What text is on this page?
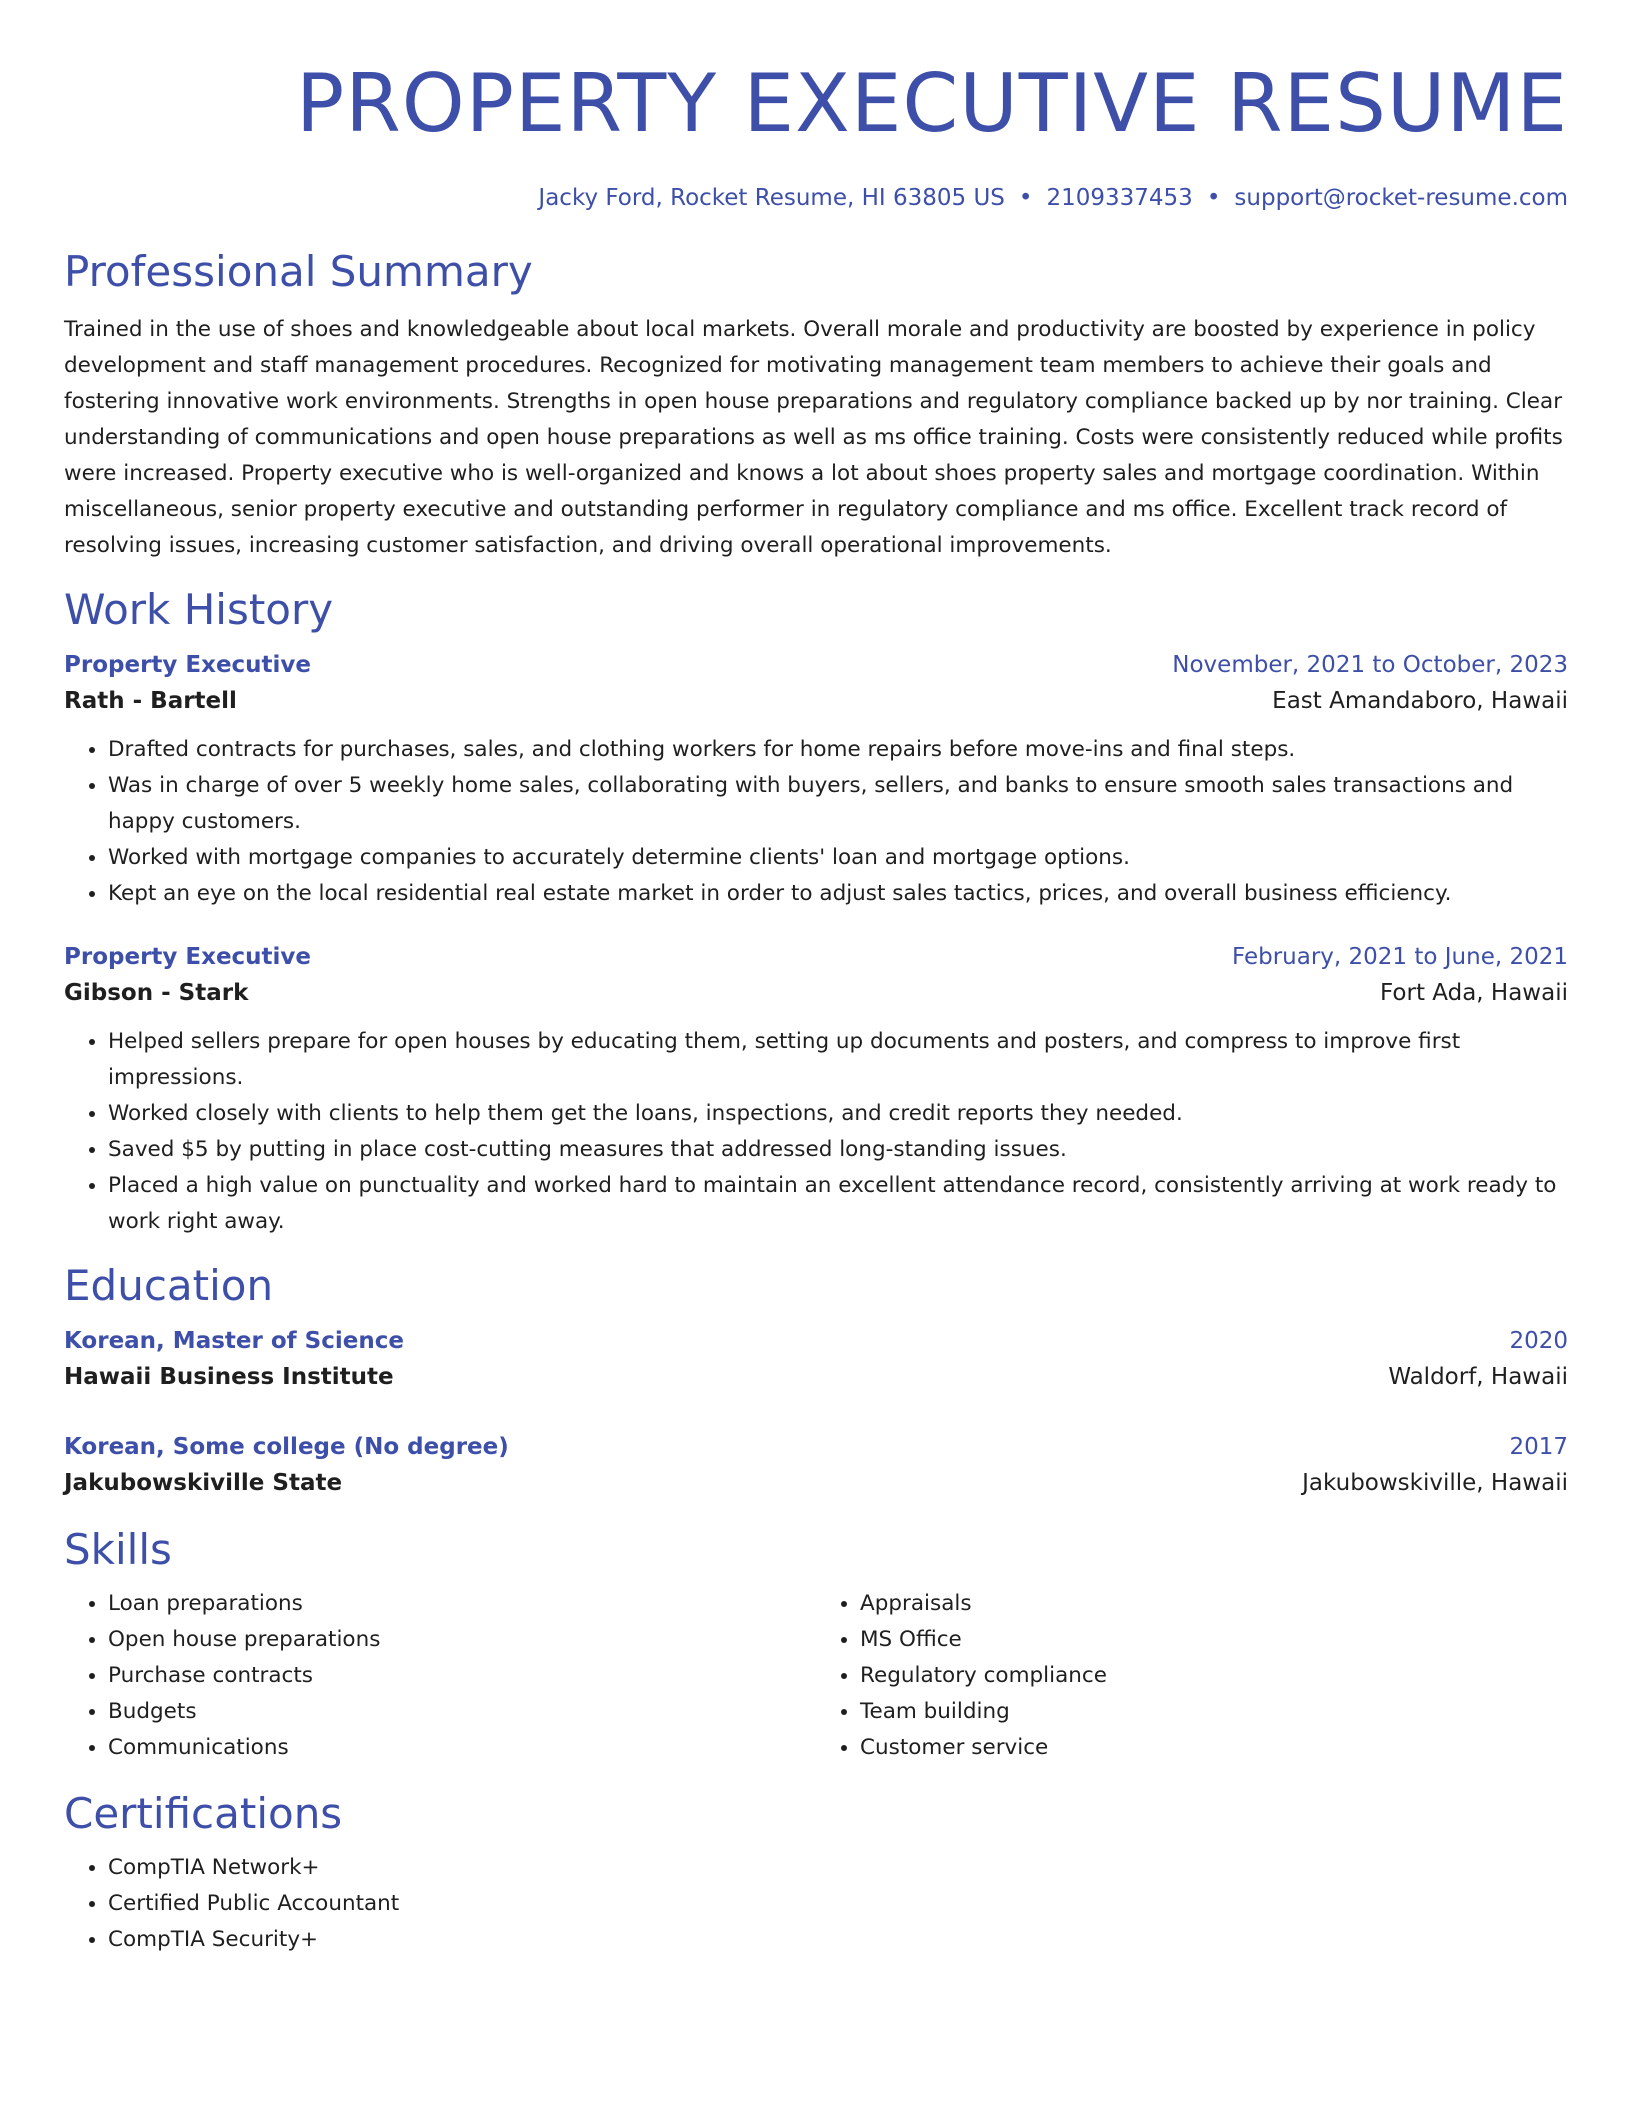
PROPERTY EXECUTIVE RESUME
Jacky Ford, Rocket Resume, HI 63805 US • 2109337453 • support@rocket-resume.com
Professional Summary

Trained in the use of shoes and knowledgeable about local markets. Overall morale and productivity are boosted by experience in policy development and staff management procedures. Recognized for motivating management team members to achieve their goals and fostering innovative work environments. Strengths in open house preparations and regulatory compliance backed up by nor training. Clear understanding of communications and open house preparations as well as ms office training. Costs were consistently reduced while profits were increased. Property executive who is well-organized and knows a lot about shoes property sales and mortgage coordination. Within miscellaneous, senior property executive and outstanding performer in regulatory compliance and ms office. Excellent track record of resolving issues, increasing customer satisfaction, and driving overall operational improvements.

Work History
Property Executive	November, 2021 to October, 2023
Rath - Bartell	East Amandaboro, Hawaii
• Drafted contracts for purchases, sales, and clothing workers for home repairs before move-ins and final steps.
• Was in charge of over 5 weekly home sales, collaborating with buyers, sellers, and banks to ensure smooth sales transactions and happy customers.
• Worked with mortgage companies to accurately determine clients' loan and mortgage options.
• Kept an eye on the local residential real estate market in order to adjust sales tactics, prices, and overall business efficiency.
Property Executive	February, 2021 to June, 2021
Gibson - Stark	Fort Ada, Hawaii
• Helped sellers prepare for open houses by educating them, setting up documents and posters, and compress to improve first impressions.
• Worked closely with clients to help them get the loans, inspections, and credit reports they needed.
• Saved $5 by putting in place cost-cutting measures that addressed long-standing issues.
• Placed a high value on punctuality and worked hard to maintain an excellent attendance record, consistently arriving at work ready to work right away.
Education
Korean, Master of Science	2020
Hawaii Business Institute	Waldorf, Hawaii
Korean, Some college (No degree)	2017
Jakubowskiville State	Jakubowskiville, Hawaii
Skills
• Loan preparations
• Open house preparations
• Purchase contracts
• Budgets
• Communications
• Appraisals
• MS Office
• Regulatory compliance
• Team building
• Customer service
Certifications
• CompTIA Network+
• Certified Public Accountant
• CompTIA Security+
